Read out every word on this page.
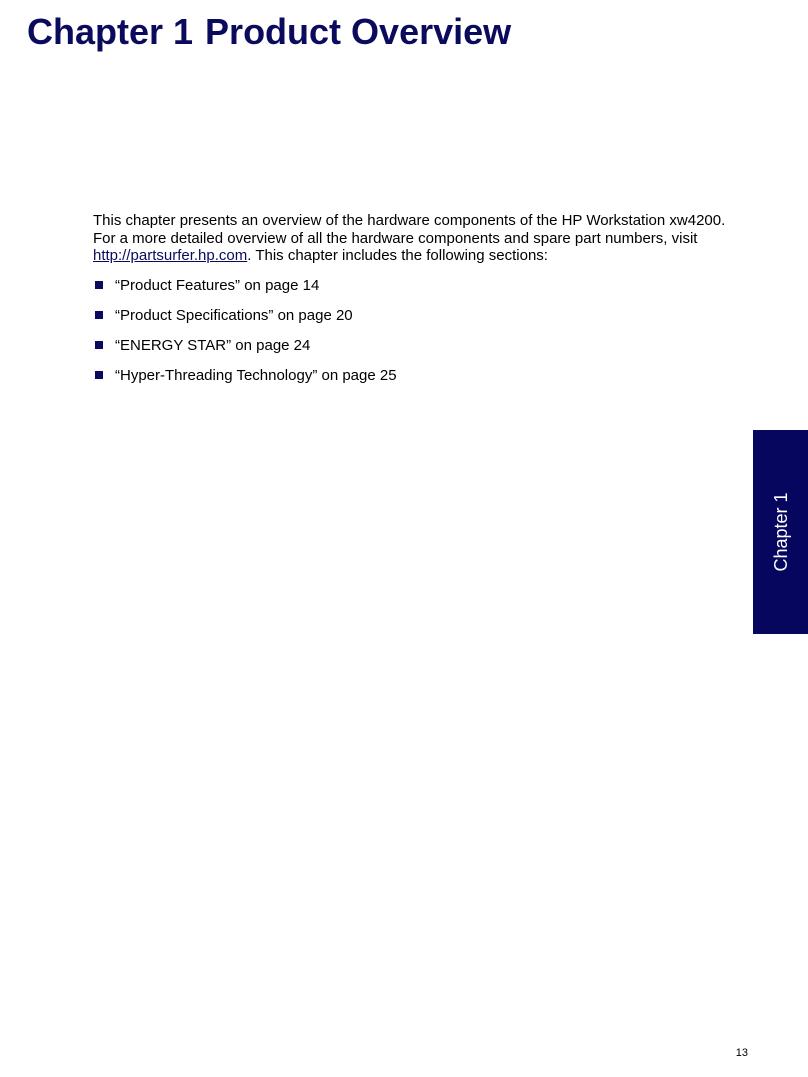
Chapter 1 Product Overview

This chapter presents an overview of the hardware components of the HP Workstation xw4200. For a more detailed overview of all the hardware components and spare part numbers, visit http://partsurfer.hp.com. This chapter includes the following sections:

“Product Features” on page 14
“Product Specifications” on page 20
“ENERGY STAR” on page 24
“Hyper-Threading Technology” on page 25
Chapter 1
13
